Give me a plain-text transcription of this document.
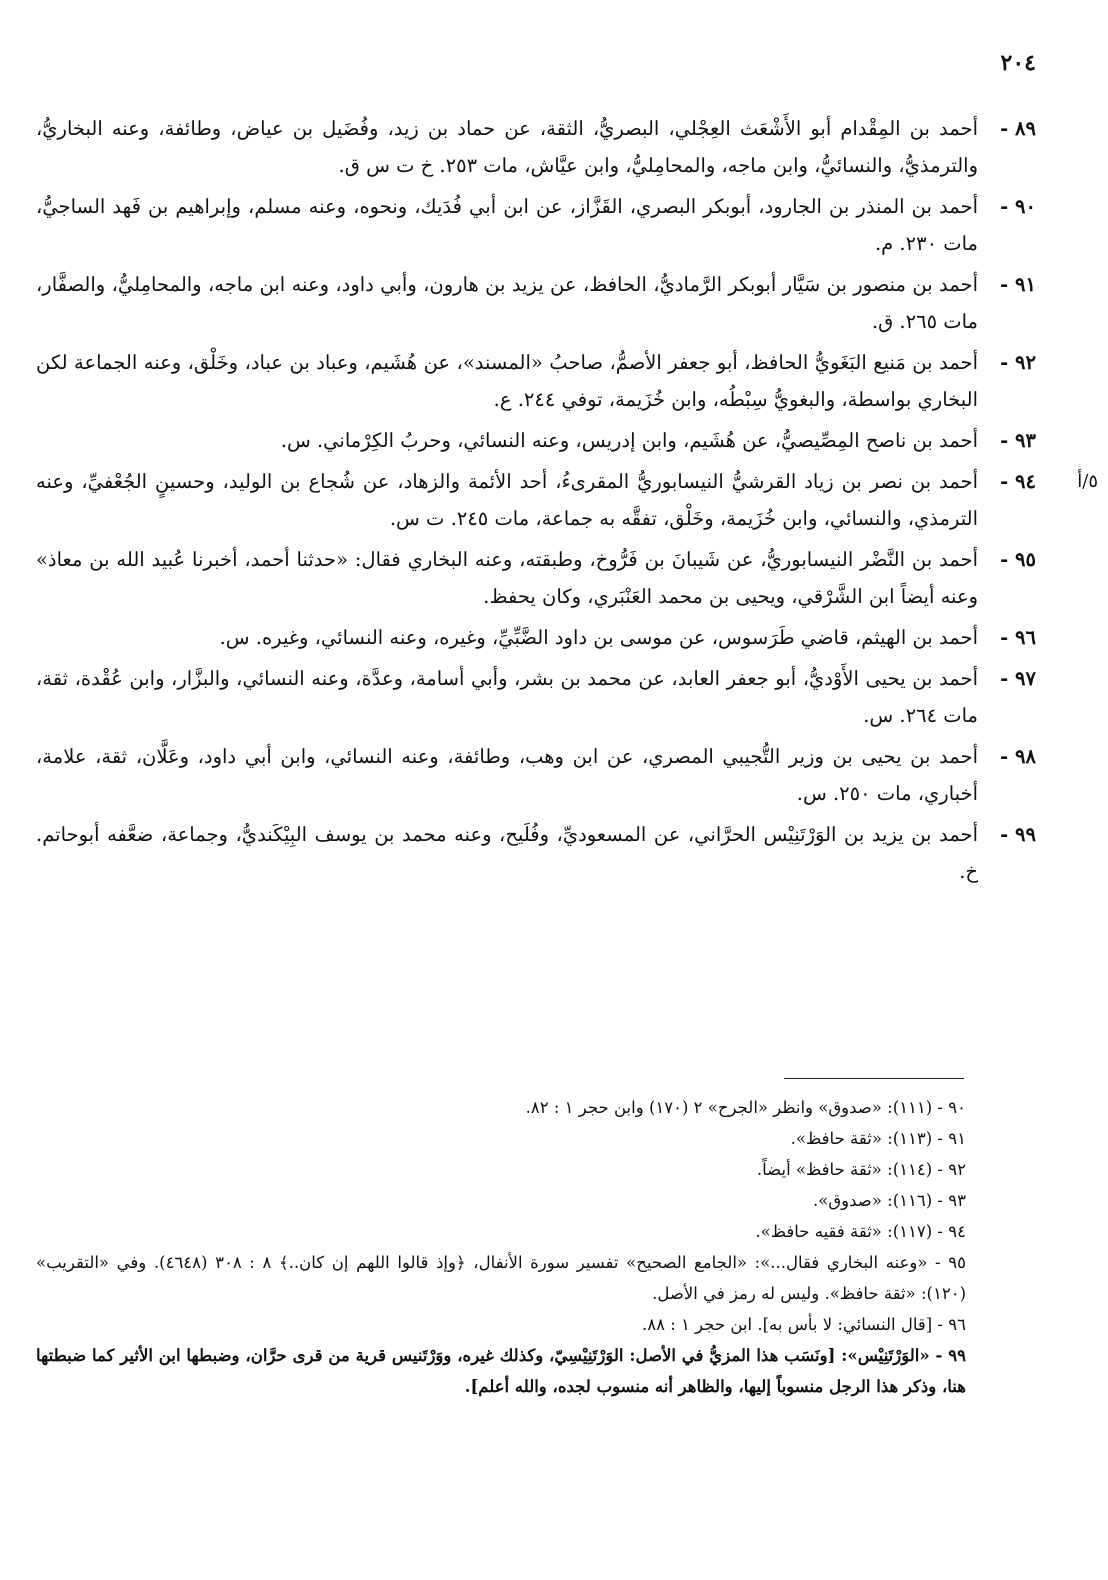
٢٠٤
٨٩ -
أحمد بن المِقْدام أبو الأَشْعَث العِجْلي، البصريُّ، الثقة، عن حماد بن زيد، وفُضَيل بن عياض، وطائفة، وعنه البخاريُّ، والترمذيُّ، والنسائيُّ، وابن ماجه، والمحامِليُّ، وابن عيَّاش، مات ٢٥٣. خ ت س ق.
٩٠ -
أحمد بن المنذر بن الجارود، أبوبكر البصري، القَزَّاز، عن ابن أبي فُدَيك، ونحوه، وعنه مسلم، وإبراهيم بن فَهد الساجيُّ، مات ٢٣٠. م.
٩١ -
أحمد بن منصور بن سَيَّار أبوبكر الرَّماديُّ، الحافظ، عن يزيد بن هارون، وأبي داود، وعنه ابن ماجه، والمحامِليُّ، والصفَّار، مات ٢٦٥. ق.
٩٢ -
أحمد بن مَنيع البَغَويُّ الحافظ، أبو جعفر الأصمُّ، صاحبُ «المسند»، عن هُشَيم، وعباد بن عباد، وخَلْق، وعنه الجماعة لكن البخاري بواسطة، والبغويُّ سِبْطُه، وابن خُزَيمة، توفي ٢٤٤. ع.
٩٣ -
أحمد بن ناصح المِصِّيصيُّ، عن هُشَيم، وابن إدريس، وعنه النسائي، وحربُ الكِرْماني. س.
٩٤ - ٥/أ
أحمد بن نصر بن زياد القرشيُّ النيسابوريُّ المقرىءُ، أحد الأئمة والزهاد، عن شُجاع بن الوليد، وحسينٍ الجُعْفيِّ، وعنه الترمذي، والنسائي، وابن خُزَيمة، وخَلْق، تفقَّه به جماعة، مات ٢٤٥. ت س.
٩٥ -
أحمد بن النَّضْر النيسابوريُّ، عن شَيبانَ بن فَرُّوخ، وطبقته، وعنه البخاري فقال: «حدثنا أحمد، أخبرنا عُبيد الله بن معاذ» وعنه أيضاً ابن الشَّرْقي، ويحيى بن محمد العَنْبَري، وكان يحفظ.
٩٦ -
أحمد بن الهيثم، قاضي طَرَسوس، عن موسى بن داود الضَّبِّيِّ، وغيره، وعنه النسائي، وغيره. س.
٩٧ -
أحمد بن يحيى الأَوْديُّ، أبو جعفر العابد، عن محمد بن بشر، وأبي أسامة، وعدَّة، وعنه النسائي، والبزَّار، وابن عُقْدة، ثقة، مات ٢٦٤. س.
٩٨ -
أحمد بن يحيى بن وزير التُّجيبي المصري، عن ابن وهب، وطائفة، وعنه النسائي، وابن أبي داود، وعَلَّان، ثقة، علامة، أخباري، مات ٢٥٠. س.
٩٩ -
أحمد بن يزيد بن الوَرْتَنِيْس الحرَّاني، عن المسعوديِّ، وفُلَيح، وعنه محمد بن يوسف البِيْكَنديُّ، وجماعة، ضعَّفه أبوحاتم. خ.
٩٠ - (١١١): «صدوق» وانظر «الجرح» ٢ (١٧٠) وابن حجر ١ : ٨٢.
٩١ - (١١٣): «ثقة حافظ».
٩٢ - (١١٤): «ثقة حافظ» أيضاً.
٩٣ - (١١٦): «صدوق».
٩٤ - (١١٧): «ثقة فقيه حافظ».
٩٥ - «وعنه البخاري فقال...»: «الجامع الصحيح» تفسير سورة الأنفال، ﴿وإذ قالوا اللهم إن كان..﴾ ٨ : ٣٠٨ (٤٦٤٨). وفي «التقريب» (١٢٠): «ثقة حافظ». وليس له رمز في الأصل.
٩٦ - [قال النسائي: لا بأس به]. ابن حجر ١ : ٨٨.
٩٩ - «الوَرْتَنِيْس»: [ونَسَب هذا المزيُّ في الأصل: الوَرْتَنِيْسِيّ، وكذلك غيره، ووَرْتَنيس قرية من قرى حرَّان، وضبطها ابن الأثير كما ضبطتها هنا، وذكر هذا الرجل منسوباً إليها، والظاهر أنه منسوب لجده، والله أعلم].
